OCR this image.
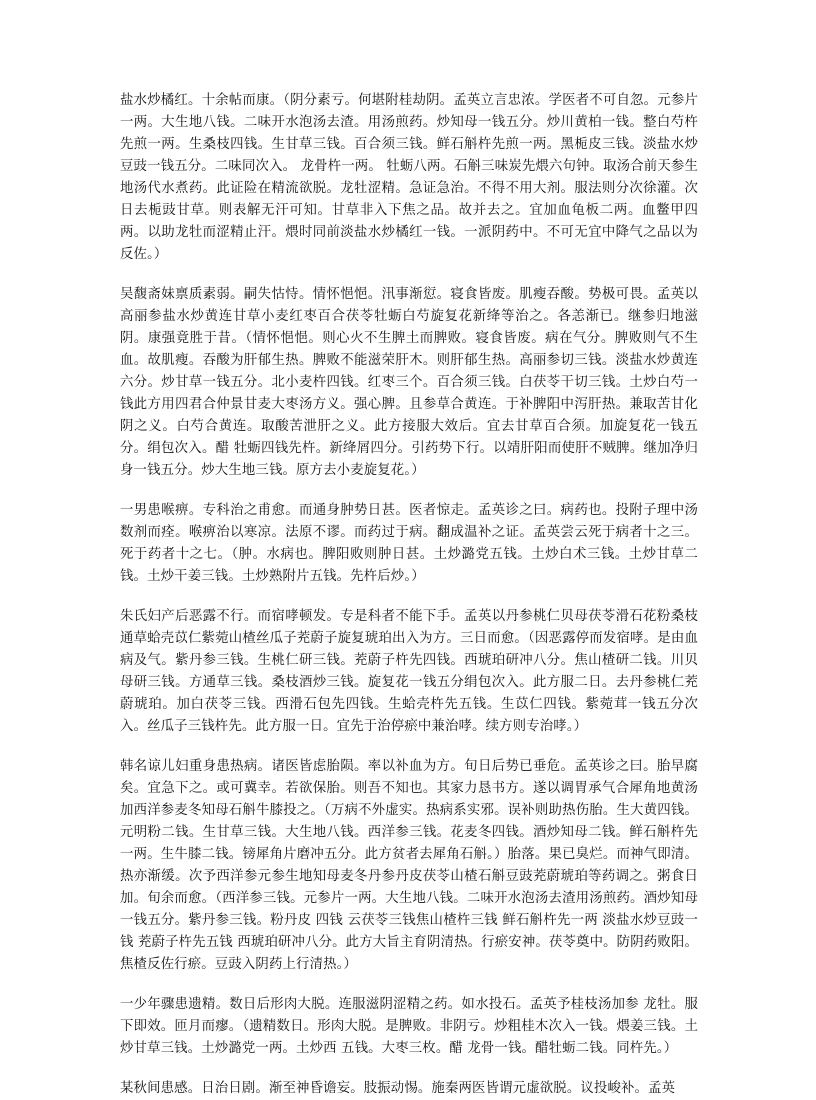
盐水炒橘红。十余帖而康。（阴分素亏。何堪附桂劫阴。孟英立言忠浓。学医者不可自忽。元参片一两。大生地八钱。二味开水泡汤去渣。用汤煎药。炒知母一钱五分。炒川黄柏一钱。整白芍杵先煎一两。生桑枝四钱。生甘草三钱。百合须三钱。鲜石斛杵先煎一两。黑栀皮三钱。淡盐水炒豆豉一钱五分。二味同次入。 龙骨杵一两。 牡蛎八两。石斛三味炭先煨六句钟。取汤合前天参生地汤代水煮药。此证险在精流欲脱。龙牡涩精。急证急治。不得不用大剂。服法则分次徐灌。次日去栀豉甘草。则表解无汗可知。甘草非入下焦之品。故并去之。宜加血龟板二两。血鳖甲四两。以助龙牡而涩精止汗。煨时同前淡盐水炒橘红一钱。一派阴药中。不可无宜中降气之品以为反佐。）

吴馥斋妹禀质素弱。嗣失怙恃。情怀悒悒。汛事渐愆。寝食皆废。肌瘦吞酸。势极可畏。孟英以高丽参盐水炒黄连甘草小麦红枣百合茯苓牡蛎白芍旋复花新绛等治之。各恙渐已。继参归地滋阴。康强竟胜于昔。（情怀悒悒。则心火不生脾土而脾败。寝食皆废。病在气分。脾败则气不生血。故肌瘦。吞酸为肝郁生热。脾败不能滋荣肝木。则肝郁生热。高丽参切三钱。淡盐水炒黄连六分。炒甘草一钱五分。北小麦杵四钱。红枣三个。百合须三钱。白茯苓干切三钱。土炒白芍一钱此方用四君合仲景甘麦大枣汤方义。强心脾。且参草合黄连。于补脾阳中泻肝热。兼取苦甘化阴之义。白芍合黄连。取酸苦泄肝之义。此方接服大效后。宜去甘草百合须。加旋复花一钱五分。绢包次入。醋 牡蛎四钱先杵。新绛屑四分。引药势下行。以靖肝阳而使肝不贼脾。继加净归身一钱五分。炒大生地三钱。原方去小麦旋复花。）

一男患喉痹。专科治之甫愈。而通身肿势日甚。医者惊走。孟英诊之曰。病药也。投附子理中汤数剂而痊。喉痹治以寒凉。法原不谬。而药过于病。翻成温补之证。孟英尝云死于病者十之三。死于药者十之七。（肿。水病也。脾阳败则肿日甚。土炒潞党五钱。土炒白术三钱。土炒甘草二钱。土炒干姜三钱。土炒熟附片五钱。先杵后炒。）

朱氏妇产后恶露不行。而宿哮顿发。专是科者不能下手。孟英以丹参桃仁贝母茯苓滑石花粉桑枝通草蛤壳苡仁紫菀山楂丝瓜子茺蔚子旋复琥珀出入为方。三日而愈。（因恶露停而发宿哮。是由血病及气。紫丹参三钱。生桃仁研三钱。茺蔚子杵先四钱。西琥珀研冲八分。焦山楂研二钱。川贝母研三钱。方通草三钱。桑枝酒炒三钱。旋复花一钱五分绢包次入。此方服二日。去丹参桃仁茺蔚琥珀。加白茯苓三钱。西滑石包先四钱。生蛤壳杵先五钱。生苡仁四钱。紫菀茸一钱五分次入。丝瓜子三钱杵先。此方服一日。宜先于治停瘀中兼治哮。续方则专治哮。）

韩名谅儿妇重身患热病。诸医皆虑胎陨。率以补血为方。旬日后势已垂危。孟英诊之曰。胎早腐矣。宜急下之。或可冀幸。若欲保胎。则吾不知也。其家力恳书方。遂以调胃承气合犀角地黄汤加西洋参麦冬知母石斛牛膝投之。（万病不外虚实。热病系实邪。误补则助热伤胎。生大黄四钱。元明粉二钱。生甘草三钱。大生地八钱。西洋参三钱。花麦冬四钱。酒炒知母二钱。鲜石斛杵先一两。生牛膝二钱。镑犀角片磨冲五分。此方贫者去犀角石斛。）胎落。果已臭烂。而神气即清。热亦渐缓。次予西洋参元参生地知母麦冬丹参丹皮茯苓山楂石斛豆豉茺蔚琥珀等药调之。粥食日加。旬余而愈。（西洋参三钱。元参片一两。大生地八钱。二味开水泡汤去渣用汤煎药。酒炒知母一钱五分。紫丹参三钱。粉丹皮 四钱 云茯苓三钱焦山楂杵三钱 鲜石斛杵先一两 淡盐水炒豆豉一钱 茺蔚子杵先五钱 西琥珀研冲八分。此方大旨主育阴清热。行瘀安神。茯苓奠中。防阴药败阳。焦楂反佐行瘀。豆豉入阴药上行清热。）

一少年骤患遗精。数日后形肉大脱。连服滋阴涩精之药。如水投石。孟英予桂枝汤加参 龙牡。服下即效。匝月而瘳。（遗精数日。形肉大脱。是脾败。非阴亏。炒粗桂木次入一钱。煨姜三钱。土炒甘草三钱。土炒潞党一两。土炒西 五钱。大枣三枚。醋 龙骨一钱。醋牡蛎二钱。同杵先。）

某秋间患感。日治日剧。渐至神昏谵妄。肢振动惕。施秦两医皆谓元虚欲脱。议投峻补。孟英
